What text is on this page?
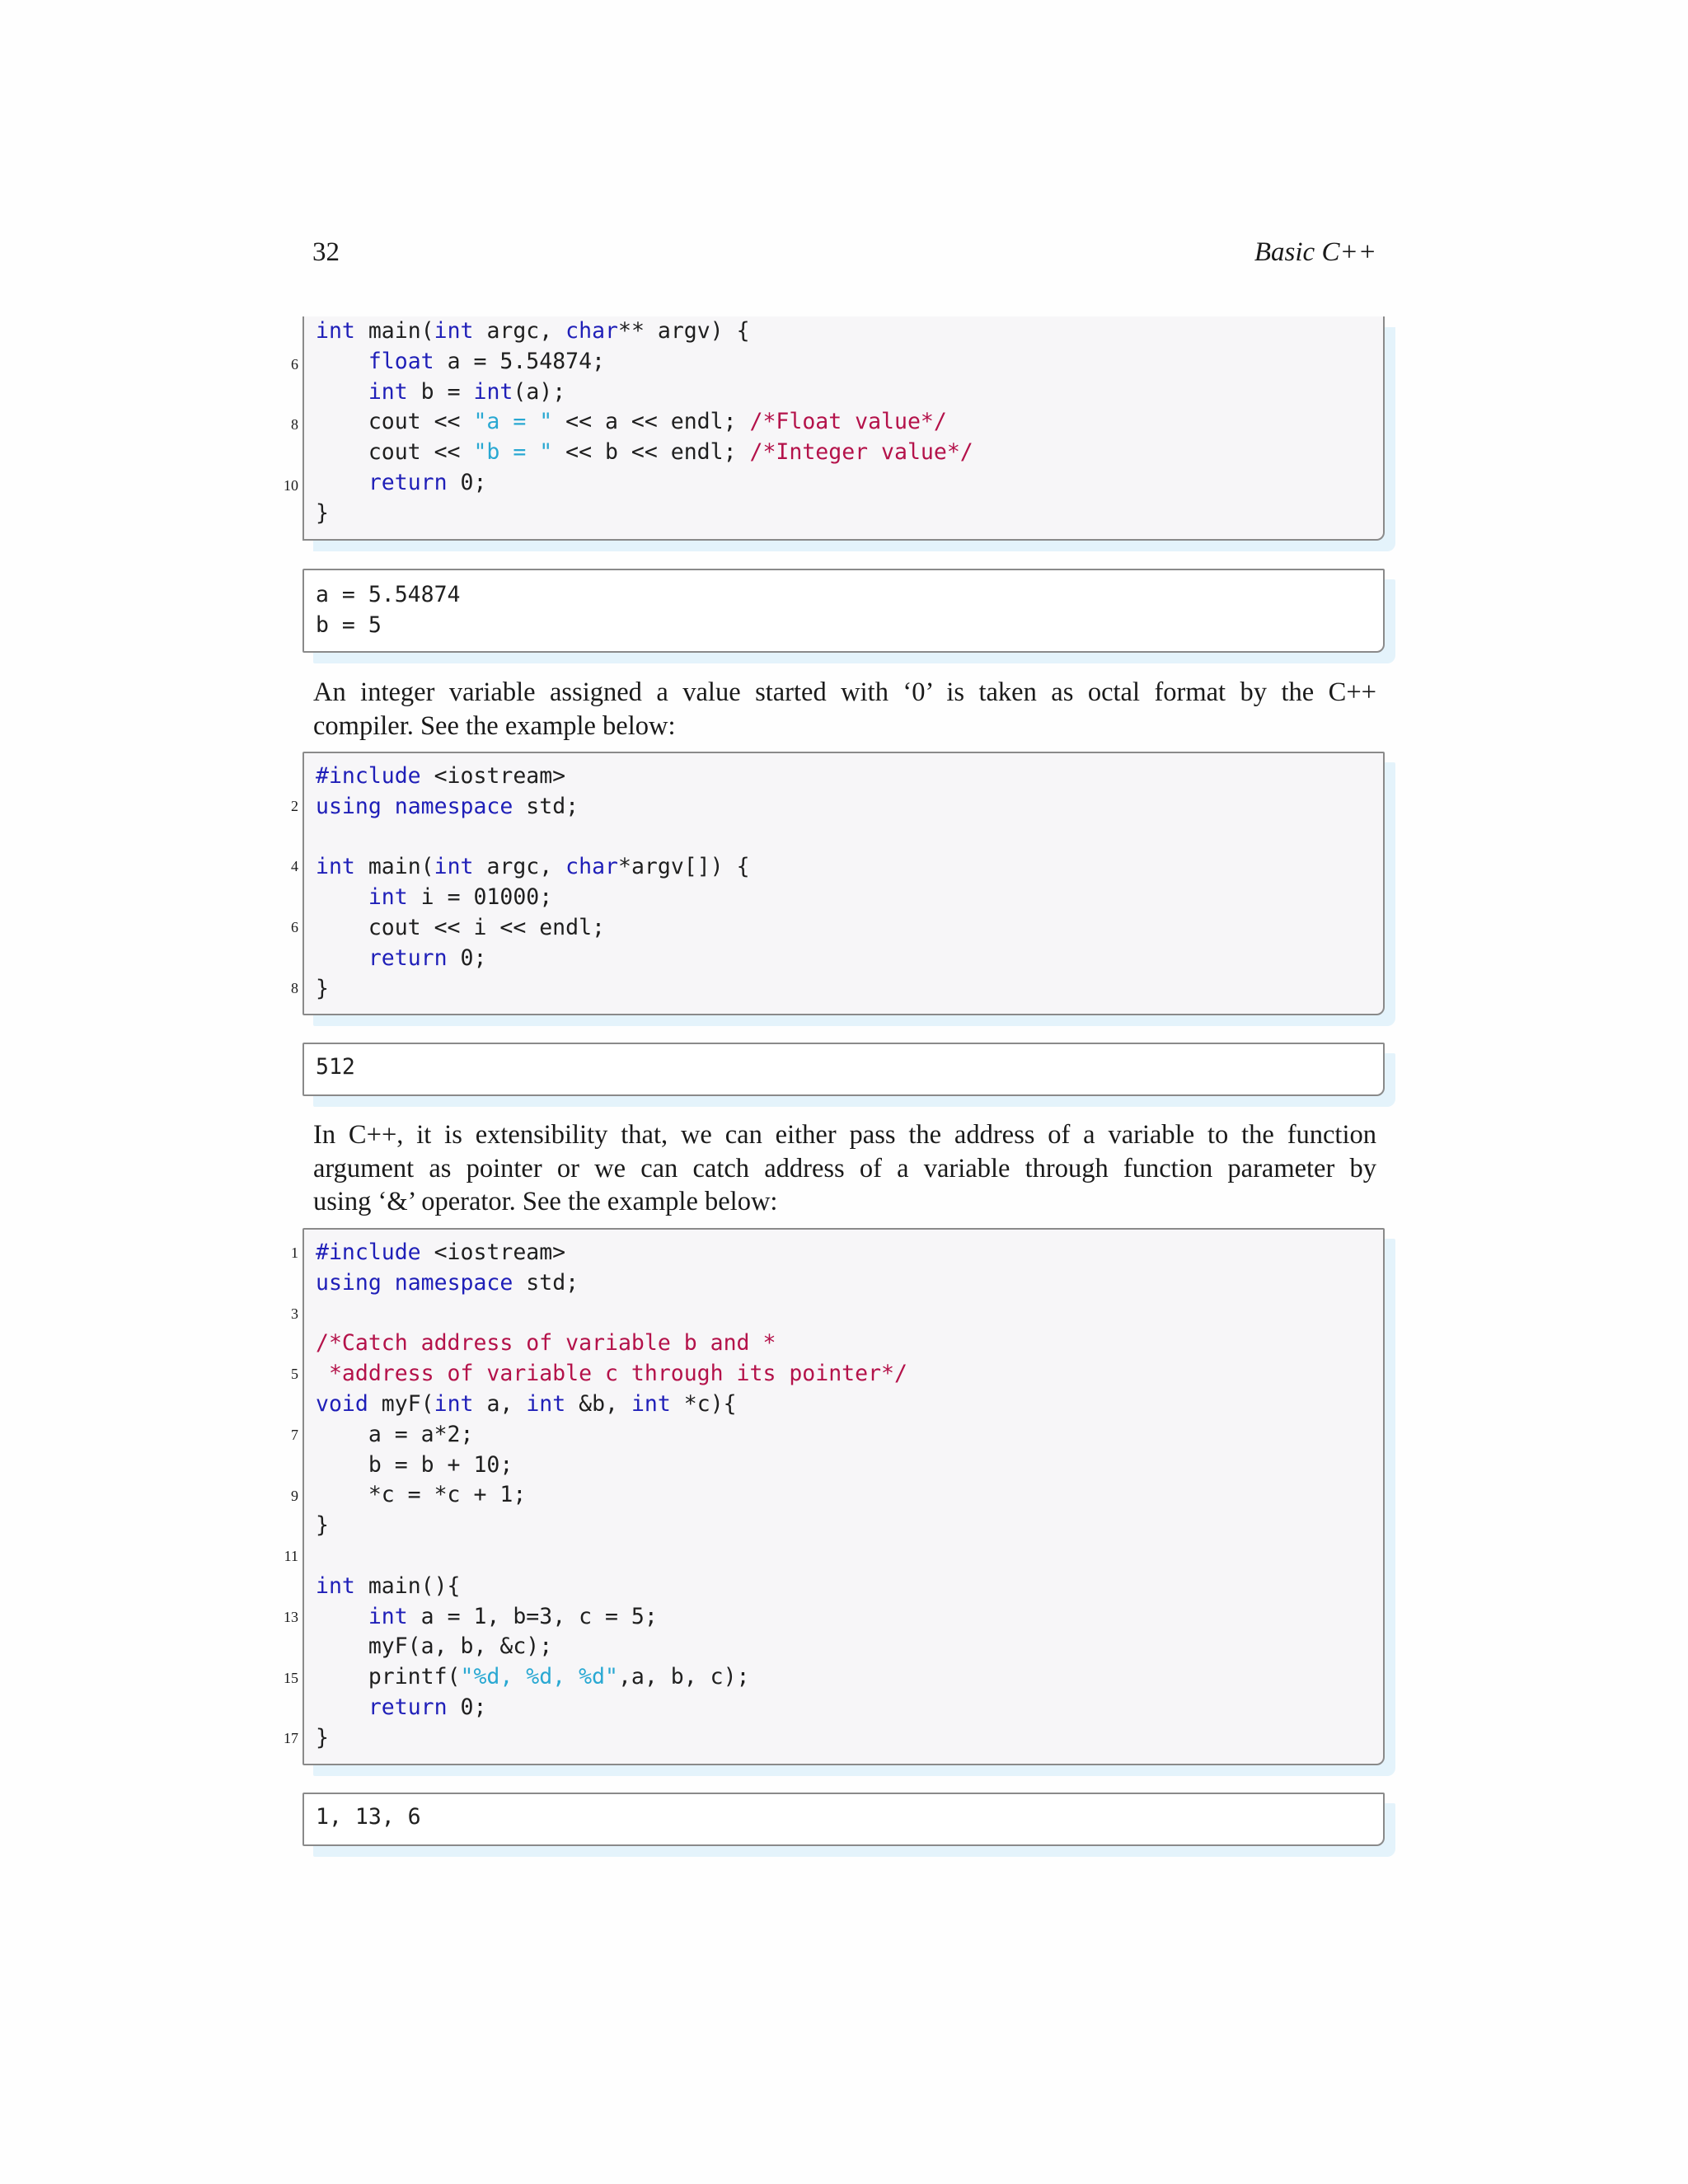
32	Basic C++
int main(int argc, char** argv) {
float a = 5.54874;
int b = int(a);
cout << "a = " << a << endl; /*Float value*/
cout << "b = " << b << endl; /*Integer value*/
return 0;
}
6
8
10
a = 5.54874
b = 5
An integer variable assigned a value started with ‘0’ is taken as octal format by the C++
compiler. See the example below:
#include <iostream>
using namespace std;
int main(int argc, char*argv[]) {
int i = 01000;
cout << i << endl;
return 0;
}
2
4
6
8
512
In C++, it is extensibility that, we can either pass the address of a variable to the function
argument as pointer or we can catch address of a variable through function parameter by
using ‘&’ operator. See the example below:
#include <iostream>
using namespace std;
/*Catch address of variable b and *
*address of variable c through its pointer*/
void myF(int a, int &b, int *c){
a = a*2;
b = b + 10;
*c = *c + 1;
}
int main(){
int a = 1, b=3, c = 5;
myF(a, b, &c);
printf("%d, %d, %d",a, b, c);
return 0;
}
1
3
5
7
9
11
13
15
17
1, 13, 6
